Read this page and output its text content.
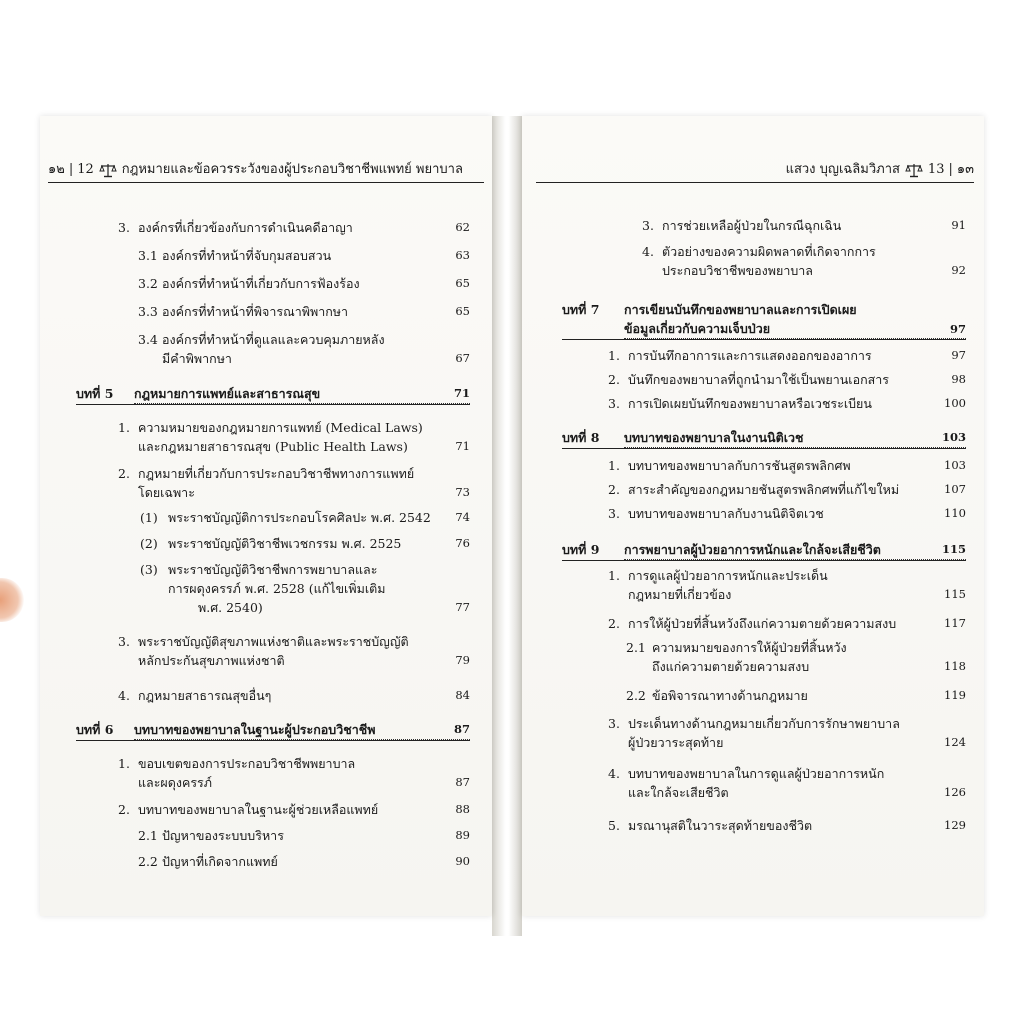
๑๒ | 12 กฎหมายและข้อควรระวังของผู้ประกอบวิชาชีพแพทย์ พยาบาล
3. องค์กรที่เกี่ยวข้องกับการดำเนินคดีอาญา	62
3.1 องค์กรที่ทำหน้าที่จับกุมสอบสวน	63
3.2 องค์กรที่ทำหน้าที่เกี่ยวกับการฟ้องร้อง	65
3.3 องค์กรที่ทำหน้าที่พิจารณาพิพากษา	65
3.4 องค์กรที่ทำหน้าที่ดูแลและควบคุมภายหลัง
มีคำพิพากษา	67
บทที่ 5	กฎหมายการแพทย์และสาธารณสุข	71
1. ความหมายของกฎหมายการแพทย์ (Medical Laws)
และกฎหมายสาธารณสุข (Public Health Laws)	71
2. กฎหมายที่เกี่ยวกับการประกอบวิชาชีพทางการแพทย์
โดยเฉพาะ	73
(1) พระราชบัญญัติการประกอบโรคศิลปะ พ.ศ. 2542	74
(2) พระราชบัญญัติวิชาชีพเวชกรรม พ.ศ. 2525	76
(3) พระราชบัญญัติวิชาชีพการพยาบาลและ
การผดุงครรภ์ พ.ศ. 2528 (แก้ไขเพิ่มเติม
พ.ศ. 2540)	77
3. พระราชบัญญัติสุขภาพแห่งชาติและพระราชบัญญัติ
หลักประกันสุขภาพแห่งชาติ	79
4. กฎหมายสาธารณสุขอื่นๆ	84
บทที่ 6	บทบาทของพยาบาลในฐานะผู้ประกอบวิชาชีพ	87
1. ขอบเขตของการประกอบวิชาชีพพยาบาล
และผดุงครรภ์	87
2. บทบาทของพยาบาลในฐานะผู้ช่วยเหลือแพทย์	88
2.1 ปัญหาของระบบบริหาร	89
2.2 ปัญหาที่เกิดจากแพทย์	90
แสวง บุญเฉลิมวิภาส 13 | ๑๓
3. การช่วยเหลือผู้ป่วยในกรณีฉุกเฉิน	91
4. ตัวอย่างของความผิดพลาดที่เกิดจากการ
ประกอบวิชาชีพของพยาบาล	92
บทที่ 7	การเขียนบันทึกของพยาบาลและการเปิดเผย
ข้อมูลเกี่ยวกับความเจ็บป่วย	97
1. การบันทึกอาการและการแสดงออกของอาการ	97
2. บันทึกของพยาบาลที่ถูกนำมาใช้เป็นพยานเอกสาร	98
3. การเปิดเผยบันทึกของพยาบาลหรือเวชระเบียน	100
บทที่ 8	บทบาทของพยาบาลในงานนิติเวช	103
1. บทบาทของพยาบาลกับการชันสูตรพลิกศพ	103
2. สาระสำคัญของกฎหมายชันสูตรพลิกศพที่แก้ไขใหม่	107
3. บทบาทของพยาบาลกับงานนิติจิตเวช	110
บทที่ 9	การพยาบาลผู้ป่วยอาการหนักและใกล้จะเสียชีวิต	115
1. การดูแลผู้ป่วยอาการหนักและประเด็น
กฎหมายที่เกี่ยวข้อง	115
2. การให้ผู้ป่วยที่สิ้นหวังถึงแก่ความตายด้วยความสงบ	117
2.1 ความหมายของการให้ผู้ป่วยที่สิ้นหวัง
ถึงแก่ความตายด้วยความสงบ	118
2.2 ข้อพิจารณาทางด้านกฎหมาย	119
3. ประเด็นทางด้านกฎหมายเกี่ยวกับการรักษาพยาบาล
ผู้ป่วยวาระสุดท้าย	124
4. บทบาทของพยาบาลในการดูแลผู้ป่วยอาการหนัก
และใกล้จะเสียชีวิต	126
5. มรณานุสติในวาระสุดท้ายของชีวิต	129
